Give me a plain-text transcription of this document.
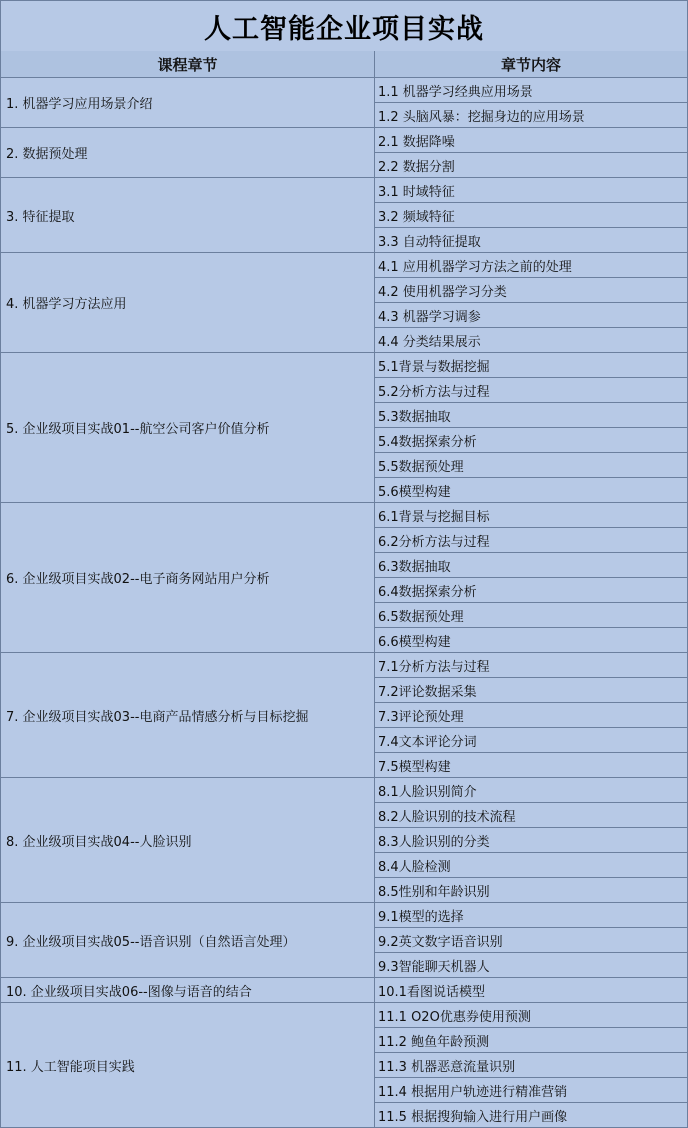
人工智能企业项目实战
课程章节	章节内容
1. 机器学习应用场景介绍
1.1 机器学习经典应用场景
1.2 头脑风暴：挖掘身边的应用场景
2. 数据预处理
2.1 数据降噪
2.2 数据分割
3. 特征提取
3.1 时域特征
3.2 频域特征
3.3 自动特征提取
4. 机器学习方法应用
4.1 应用机器学习方法之前的处理
4.2 使用机器学习分类
4.3 机器学习调参
4.4 分类结果展示
5. 企业级项目实战01--航空公司客户价值分析
5.1背景与数据挖掘
5.2分析方法与过程
5.3数据抽取
5.4数据探索分析
5.5数据预处理
5.6模型构建
6. 企业级项目实战02--电子商务网站用户分析
6.1背景与挖掘目标
6.2分析方法与过程
6.3数据抽取
6.4数据探索分析
6.5数据预处理
6.6模型构建
7. 企业级项目实战03--电商产品情感分析与目标挖掘
7.1分析方法与过程
7.2评论数据采集
7.3评论预处理
7.4文本评论分词
7.5模型构建
8. 企业级项目实战04--人脸识别
8.1人脸识别简介
8.2人脸识别的技术流程
8.3人脸识别的分类
8.4人脸检测
8.5性别和年龄识别
9. 企业级项目实战05--语音识别（自然语言处理）
9.1模型的选择
9.2英文数字语音识别
9.3智能聊天机器人
10. 企业级项目实战06--图像与语音的结合	10.1看图说话模型
11. 人工智能项目实践
11.1 O2O优惠券使用预测
11.2 鲍鱼年龄预测
11.3 机器恶意流量识别
11.4 根据用户轨迹进行精准营销
11.5 根据搜狗输入进行用户画像
